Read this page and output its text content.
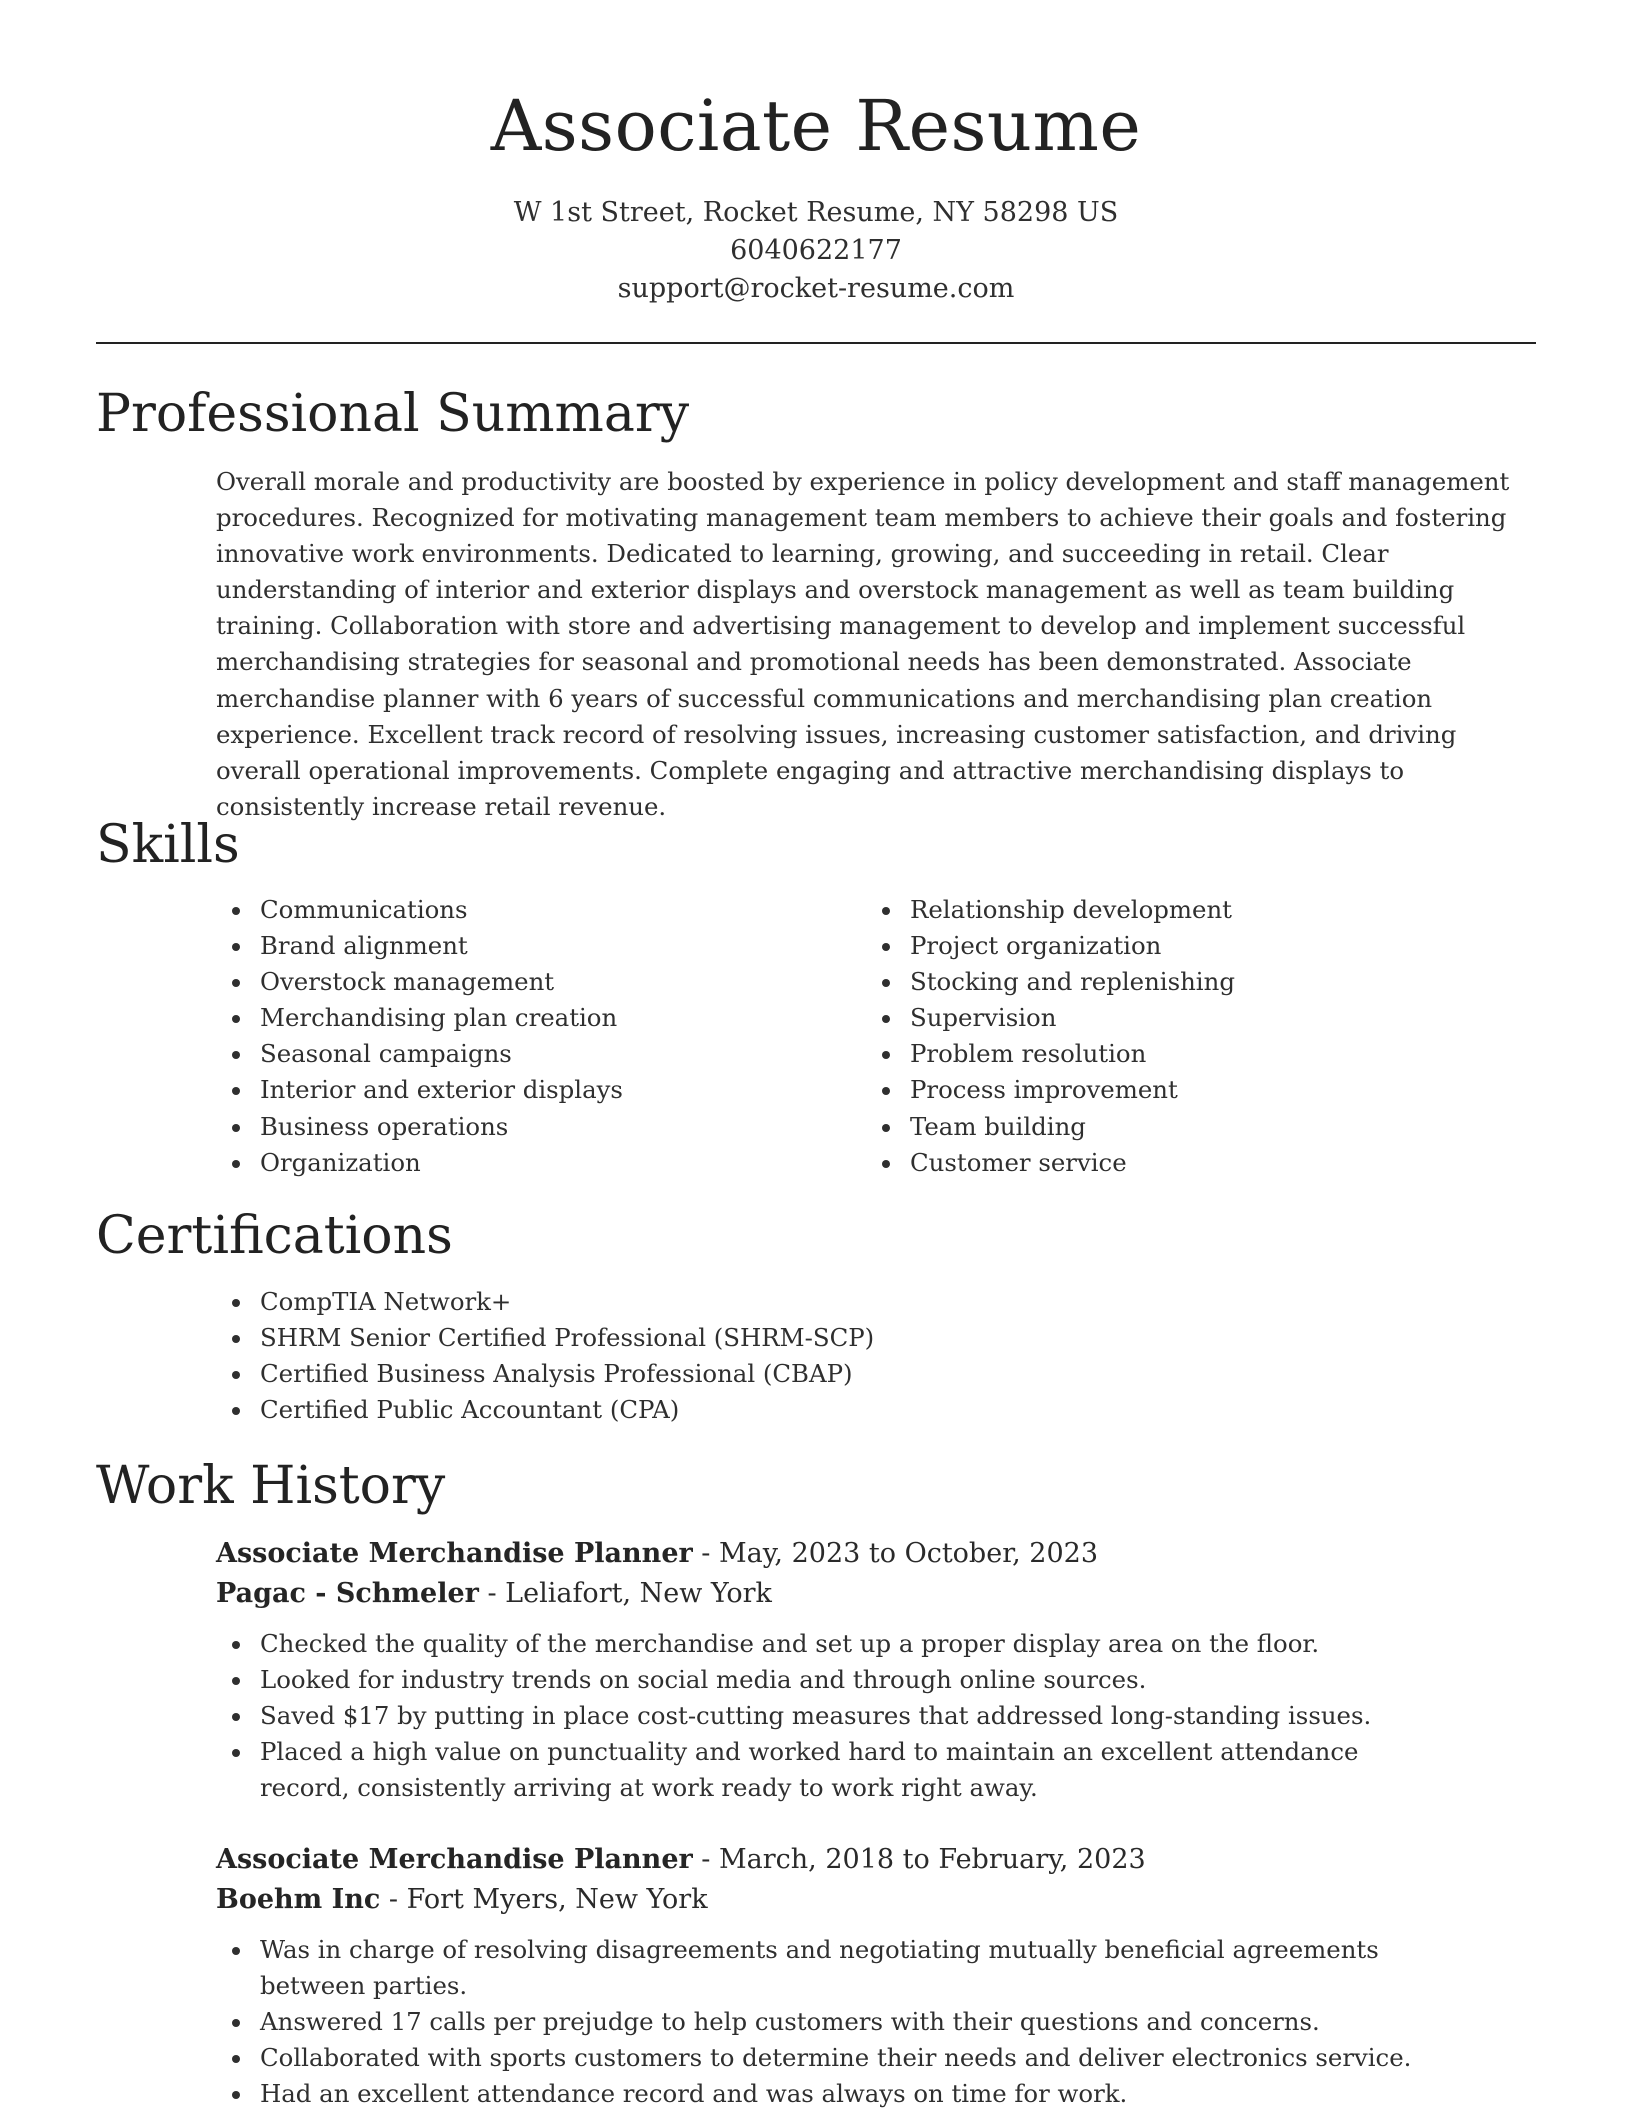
Associate Resume
W 1st Street, Rocket Resume, NY 58298 US
6040622177
support@rocket-resume.com
Professional Summary
Overall morale and productivity are boosted by experience in policy development and staff management procedures. Recognized for motivating management team members to achieve their goals and fostering innovative work environments. Dedicated to learning, growing, and succeeding in retail. Clear understanding of interior and exterior displays and overstock management as well as team building training. Collaboration with store and advertising management to develop and implement successful merchandising strategies for seasonal and promotional needs has been demonstrated. Associate merchandise planner with 6 years of successful communications and merchandising plan creation experience. Excellent track record of resolving issues, increasing customer satisfaction, and driving overall operational improvements. Complete engaging and attractive merchandising displays to consistently increase retail revenue.
Skills
Communications
Brand alignment
Overstock management
Merchandising plan creation
Seasonal campaigns
Interior and exterior displays
Business operations
Organization
Relationship development
Project organization
Stocking and replenishing
Supervision
Problem resolution
Process improvement
Team building
Customer service
Certifications
CompTIA Network+
SHRM Senior Certified Professional (SHRM-SCP)
Certified Business Analysis Professional (CBAP)
Certified Public Accountant (CPA)
Work History
Associate Merchandise Planner - May, 2023 to October, 2023
Pagac - Schmeler - Leliafort, New York
Checked the quality of the merchandise and set up a proper display area on the floor.
Looked for industry trends on social media and through online sources.
Saved $17 by putting in place cost-cutting measures that addressed long-standing issues.
Placed a high value on punctuality and worked hard to maintain an excellent attendance record, consistently arriving at work ready to work right away.
Associate Merchandise Planner - March, 2018 to February, 2023
Boehm Inc - Fort Myers, New York
Was in charge of resolving disagreements and negotiating mutually beneficial agreements between parties.
Answered 17 calls per prejudge to help customers with their questions and concerns.
Collaborated with sports customers to determine their needs and deliver electronics service.
Had an excellent attendance record and was always on time for work.
